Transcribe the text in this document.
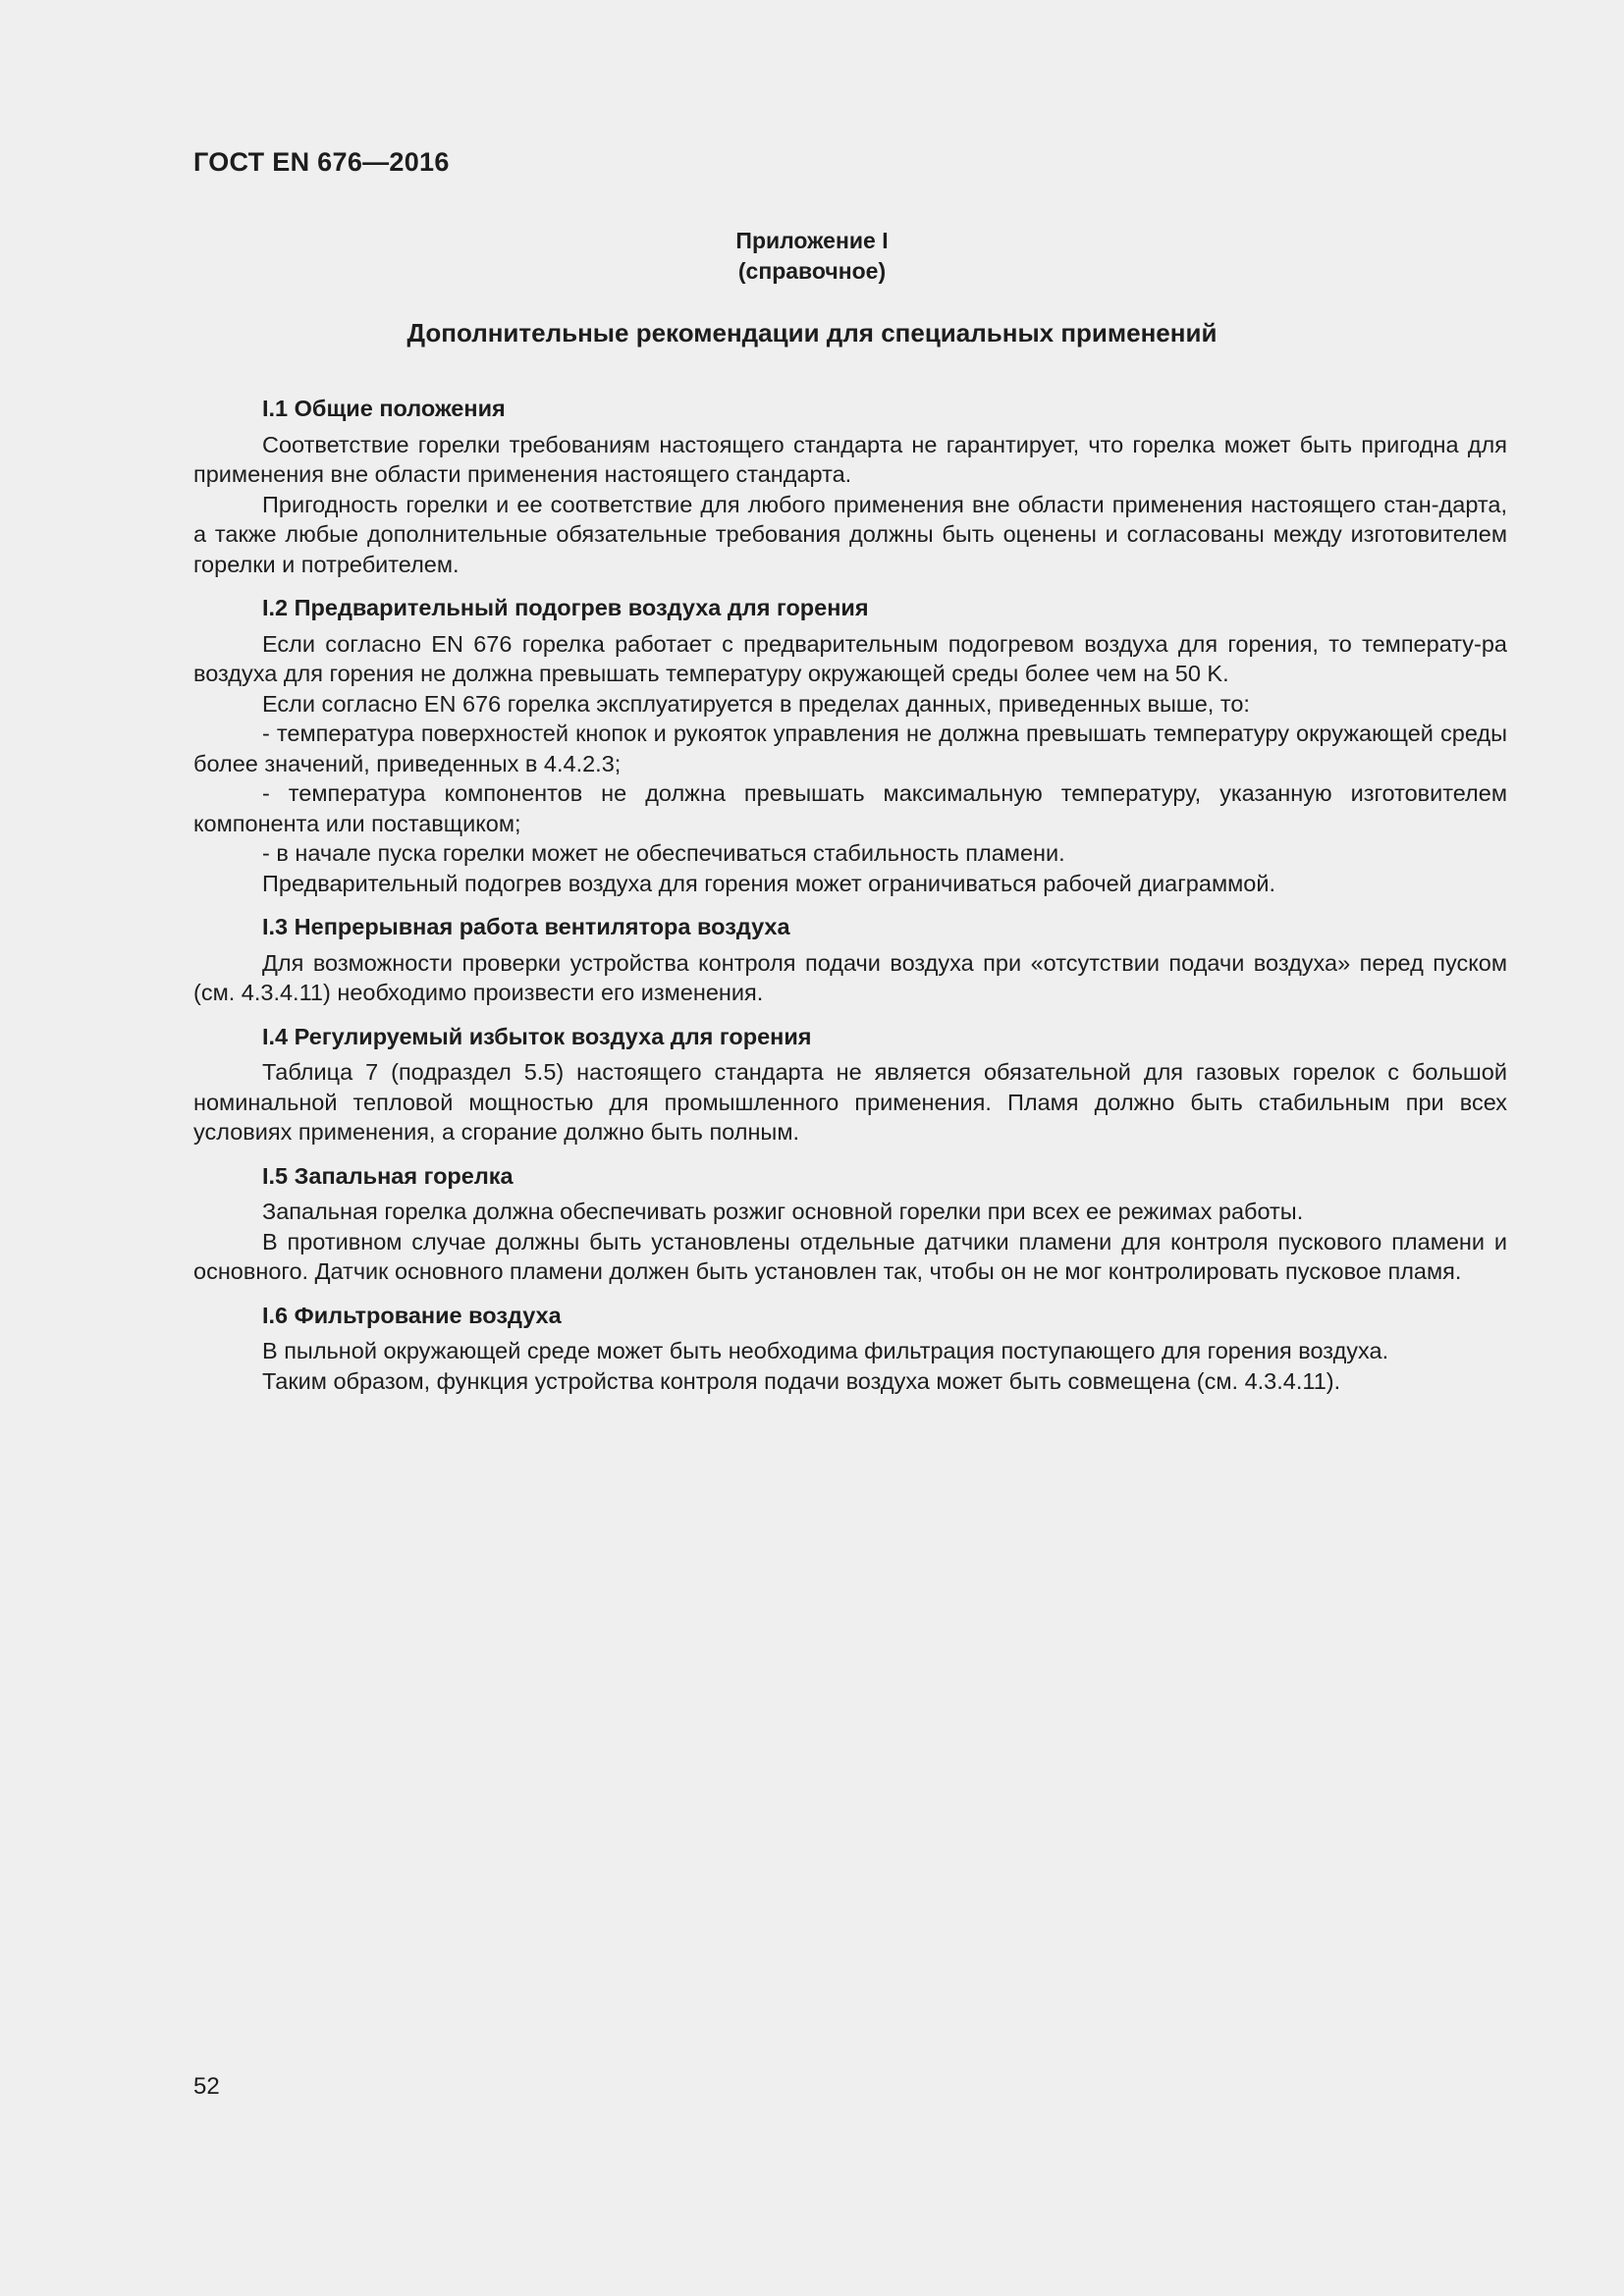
ГОСТ EN 676—2016
Приложение I
(справочное)
Дополнительные рекомендации для специальных применений
I.1 Общие положения

Соответствие горелки требованиям настоящего стандарта не гарантирует, что горелка может быть пригодна для применения вне области применения настоящего стандарта.

Пригодность горелки и ее соответствие для любого применения вне области применения настоящего стан-дарта, а также любые дополнительные обязательные требования должны быть оценены и согласованы между изготовителем горелки и потребителем.

I.2 Предварительный подогрев воздуха для горения

Если согласно EN 676 горелка работает с предварительным подогревом воздуха для горения, то температу-ра воздуха для горения не должна превышать температуру окружающей среды более чем на 50 K.

Если согласно EN 676 горелка эксплуатируется в пределах данных, приведенных выше, то:

- температура поверхностей кнопок и рукояток управления не должна превышать температуру окружающей среды более значений, приведенных в 4.4.2.3;

- температура компонентов не должна превышать максимальную температуру, указанную изготовителем компонента или поставщиком;

- в начале пуска горелки может не обеспечиваться стабильность пламени.

Предварительный подогрев воздуха для горения может ограничиваться рабочей диаграммой.

I.3 Непрерывная работа вентилятора воздуха

Для возможности проверки устройства контроля подачи воздуха при «отсутствии подачи воздуха» перед пуском (см. 4.3.4.11) необходимо произвести его изменения.

I.4 Регулируемый избыток воздуха для горения

Таблица 7 (подраздел 5.5) настоящего стандарта не является обязательной для газовых горелок с большой номинальной тепловой мощностью для промышленного применения. Пламя должно быть стабильным при всех условиях применения, а сгорание должно быть полным.

I.5 Запальная горелка

Запальная горелка должна обеспечивать розжиг основной горелки при всех ее режимах работы.

В противном случае должны быть установлены отдельные датчики пламени для контроля пускового пламени и основного. Датчик основного пламени должен быть установлен так, чтобы он не мог контролировать пусковое пламя.

I.6 Фильтрование воздуха

В пыльной окружающей среде может быть необходима фильтрация поступающего для горения воздуха.

Таким образом, функция устройства контроля подачи воздуха может быть совмещена (см. 4.3.4.11).

52
